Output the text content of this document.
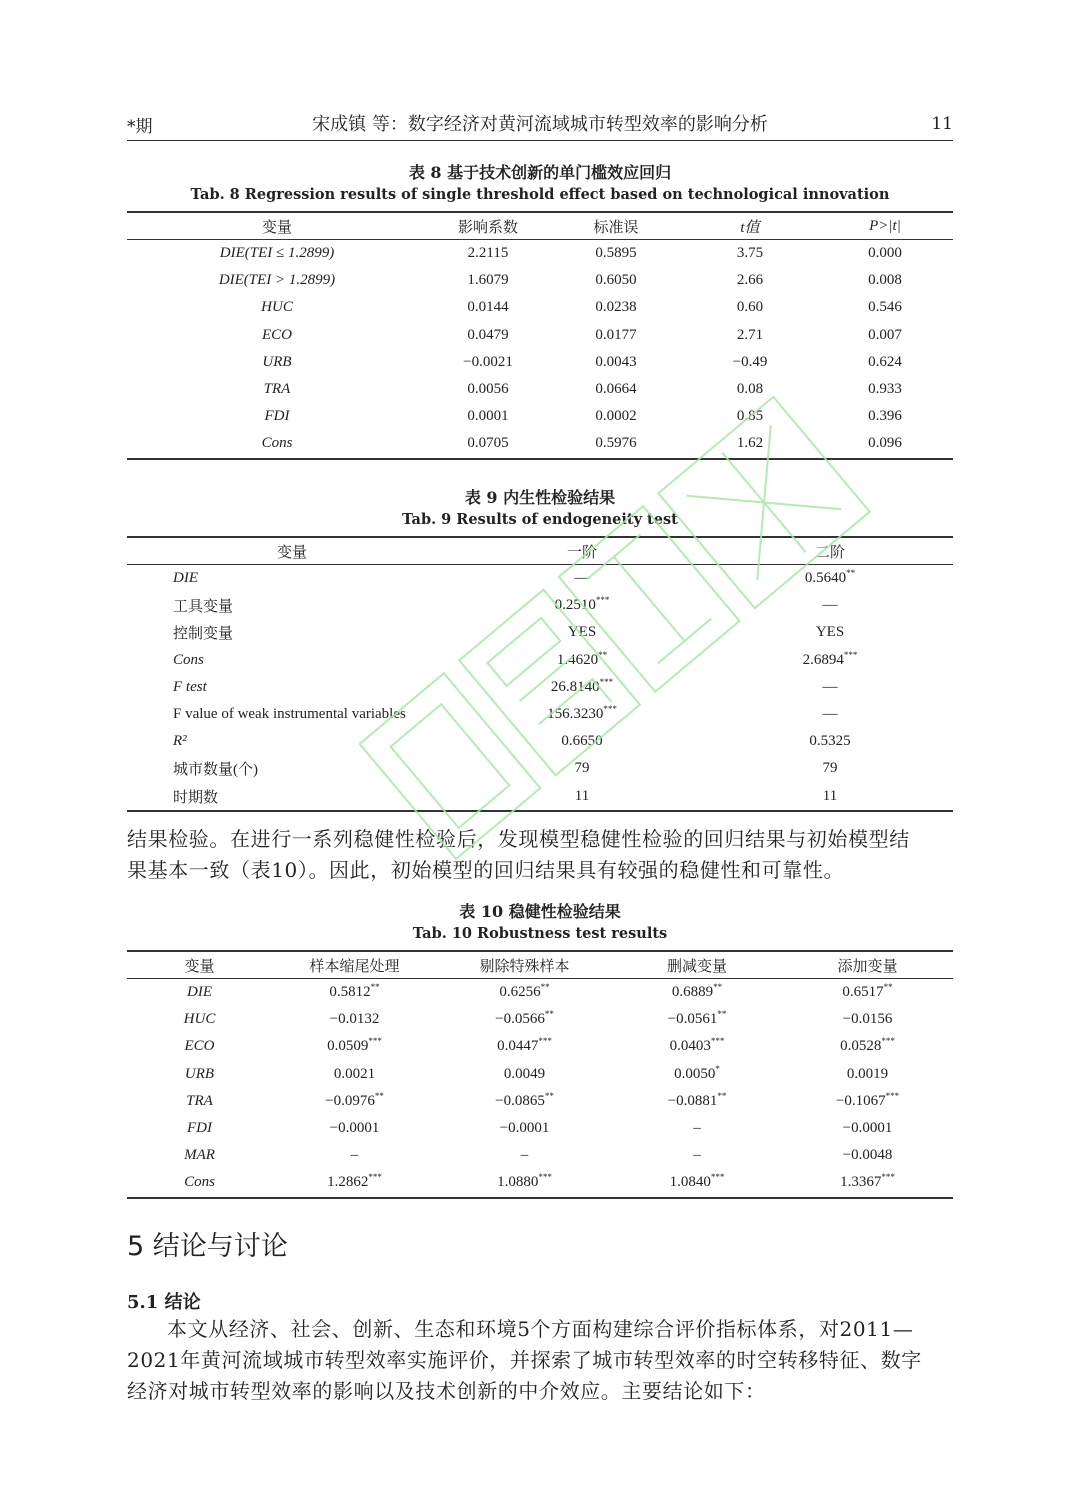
*期	宋成镇 等：数字经济对黄河流域城市转型效率的影响分析	11
表 8 基于技术创新的单门槛效应回归
Tab. 8 Regression results of single threshold effect based on technological innovation
变量	影响系数	标准误	t值	P>|t|
DIE(TEI ≤ 1.2899)	2.2115	0.5895	3.75	0.000
DIE(TEI > 1.2899)	1.6079	0.6050	2.66	0.008
HUC	0.0144	0.0238	0.60	0.546
ECO	0.0479	0.0177	2.71	0.007
URB	−0.0021	0.0043	−0.49	0.624
TRA	0.0056	0.0664	0.08	0.933
FDI	0.0001	0.0002	0.85	0.396
Cons	0.0705	0.5976	1.62	0.096
表 9 内生性检验结果
Tab. 9 Results of endogeneity test
变量	一阶	二阶
DIE	—	0.5640**
工具变量	0.2510***	—
控制变量	YES	YES
Cons	1.4620**	2.6894***
F test	26.8140***	—
F value of weak instrumental variables	156.3230***	—
R²	0.6650	0.5325
城市数量(个)	79	79
时期数	11	11
结果检验。在进行一系列稳健性检验后，发现模型稳健性检验的回归结果与初始模型结
果基本一致（表10）。因此，初始模型的回归结果具有较强的稳健性和可靠性。
表 10 稳健性检验结果
Tab. 10 Robustness test results
变量	样本缩尾处理	剔除特殊样本	删减变量	添加变量
DIE	0.5812**	0.6256**	0.6889**	0.6517**
HUC	−0.0132	−0.0566**	−0.0561**	−0.0156
ECO	0.0509***	0.0447***	0.0403***	0.0528***
URB	0.0021	0.0049	0.0050*	0.0019
TRA	−0.0976**	−0.0865**	−0.0881**	−0.1067***
FDI	−0.0001	−0.0001	–	−0.0001
MAR	–	–	–	−0.0048
Cons	1.2862***	1.0880***	1.0840***	1.3367***
5 结论与讨论
5.1 结论
本文从经济、社会、创新、生态和环境5个方面构建综合评价指标体系，对2011—
2021年黄河流域城市转型效率实施评价，并探索了城市转型效率的时空转移特征、数字
经济对城市转型效率的影响以及技术创新的中介效应。主要结论如下：
